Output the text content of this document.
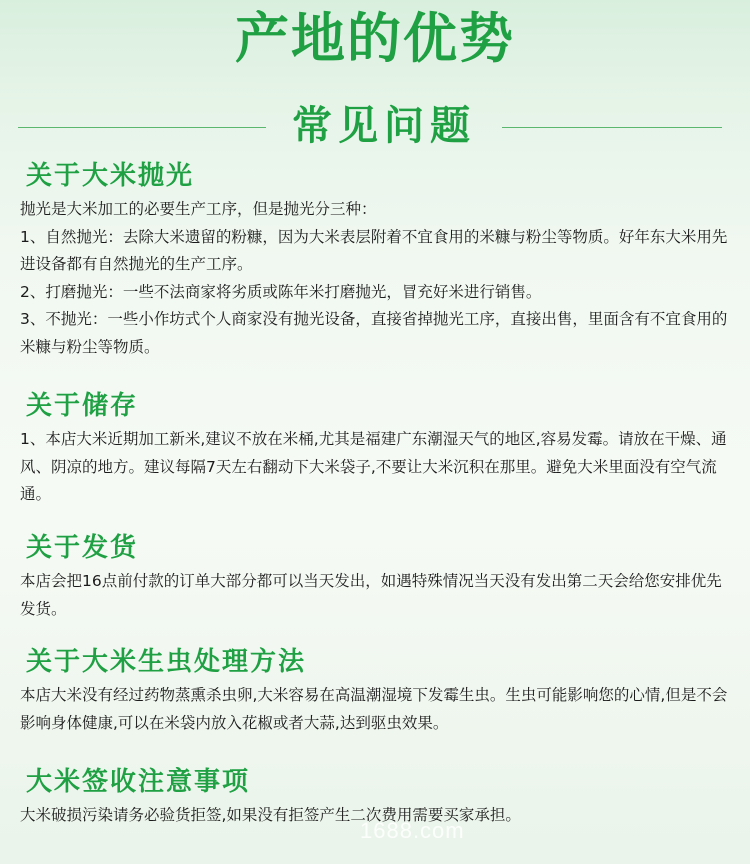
产地的优势
常见问题
关于大米抛光

抛光是大米加工的必要生产工序，但是抛光分三种：

1、自然抛光：去除大米遗留的粉糠，因为大米表层附着不宜食用的米糠与粉尘等物质。好年东大米用先进设备都有自然抛光的生产工序。

2、打磨抛光：一些不法商家将劣质或陈年米打磨抛光，冒充好米进行销售。

3、不抛光：一些小作坊式个人商家没有抛光设备，直接省掉抛光工序，直接出售，里面含有不宜食用的米糠与粉尘等物质。

关于储存

1、本店大米近期加工新米,建议不放在米桶,尤其是福建广东潮湿天气的地区,容易发霉。请放在干燥、通风、阴凉的地方。建议每隔7天左右翻动下大米袋子,不要让大米沉积在那里。避免大米里面没有空气流通。

关于发货

本店会把16点前付款的订单大部分都可以当天发出，如遇特殊情况当天没有发出第二天会给您安排优先发货。

关于大米生虫处理方法

本店大米没有经过药物蒸熏杀虫卵,大米容易在高温潮湿境下发霉生虫。生虫可能影响您的心情,但是不会影响身体健康,可以在米袋内放入花椒或者大蒜,达到驱虫效果。

大米签收注意事项

大米破损污染请务必验货拒签,如果没有拒签产生二次费用需要买家承担。

1688.com
